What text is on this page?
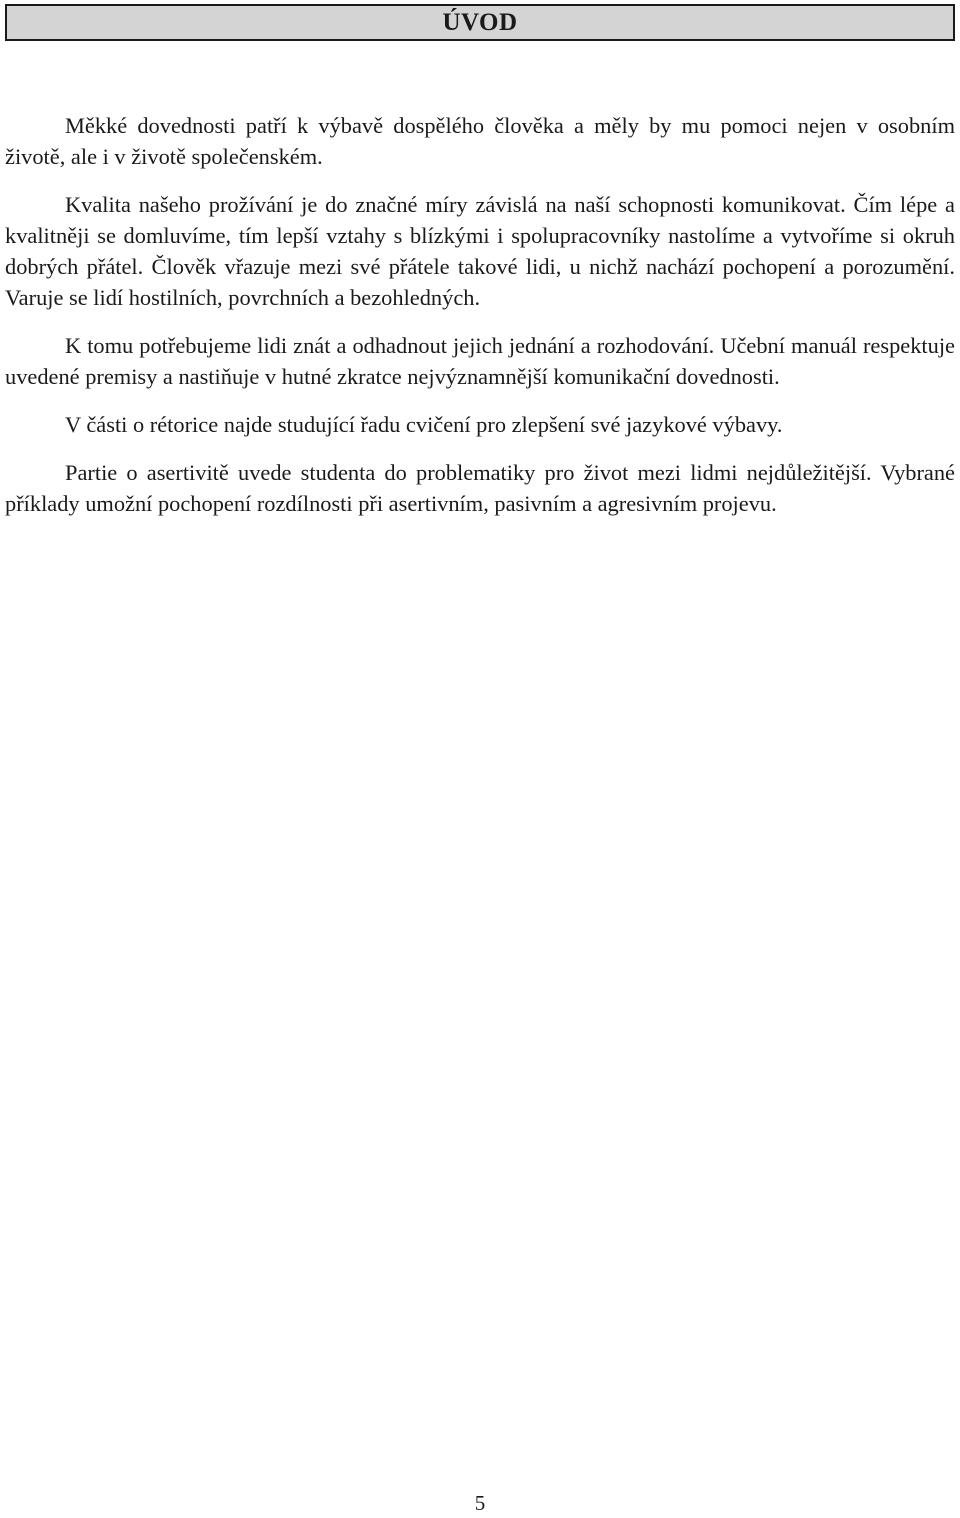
ÚVOD

Měkké dovednosti patří k výbavě dospělého člověka a měly by mu pomoci nejen v osobním životě, ale i v životě společenském.

Kvalita našeho prožívání je do značné míry závislá na naší schopnosti komunikovat. Čím lépe a kvalitněji se domluvíme, tím lepší vztahy s blízkými i spolupracovníky nastolíme a vytvoříme si okruh dobrých přátel. Člověk vřazuje mezi své přátele takové lidi, u nichž nachází pochopení a porozumění. Varuje se lidí hostilních, povrchních a bezohledných.

K tomu potřebujeme lidi znát a odhadnout jejich jednání a rozhodování. Učební manuál respektuje uvedené premisy a nastiňuje v hutné zkratce nejvýznamnější komunikační dovednosti.

V části o rétorice najde studující řadu cvičení pro zlepšení své jazykové výbavy.

Partie o asertivitě uvede studenta do problematiky pro život mezi lidmi nejdůležitější. Vybrané příklady umožní pochopení rozdílnosti při asertivním, pasivním a agresivním projevu.

5
